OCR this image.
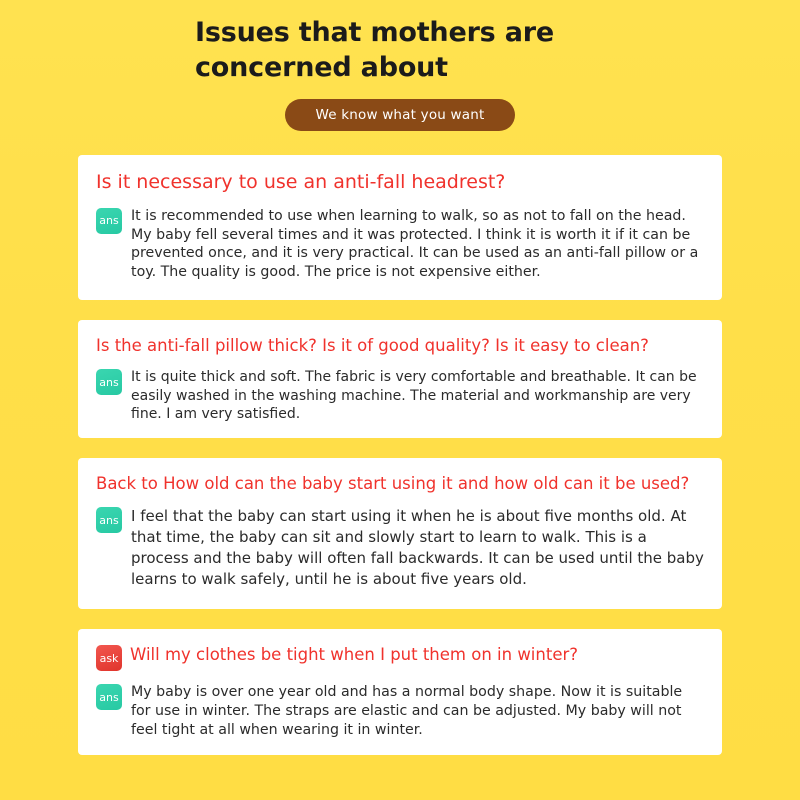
Issues that mothers are concerned about
We know what you want
Is it necessary to use an anti-fall headrest?
ans It is recommended to use when learning to walk, so as not to fall on the head. My baby fell several times and it was protected. I think it is worth it if it can be prevented once, and it is very practical. It can be used as an anti-fall pillow or a toy. The quality is good. The price is not expensive either.
Is the anti-fall pillow thick? Is it of good quality? Is it easy to clean?
ans It is quite thick and soft. The fabric is very comfortable and breathable. It can be easily washed in the washing machine. The material and workmanship are very fine. I am very satisfied.
Back to How old can the baby start using it and how old can it be used?
ans I feel that the baby can start using it when he is about five months old. At that time, the baby can sit and slowly start to learn to walk. This is a process and the baby will often fall backwards. It can be used until the baby learns to walk safely, until he is about five years old.
ask Will my clothes be tight when I put them on in winter?
ans My baby is over one year old and has a normal body shape. Now it is suitable for use in winter. The straps are elastic and can be adjusted. My baby will not feel tight at all when wearing it in winter.
